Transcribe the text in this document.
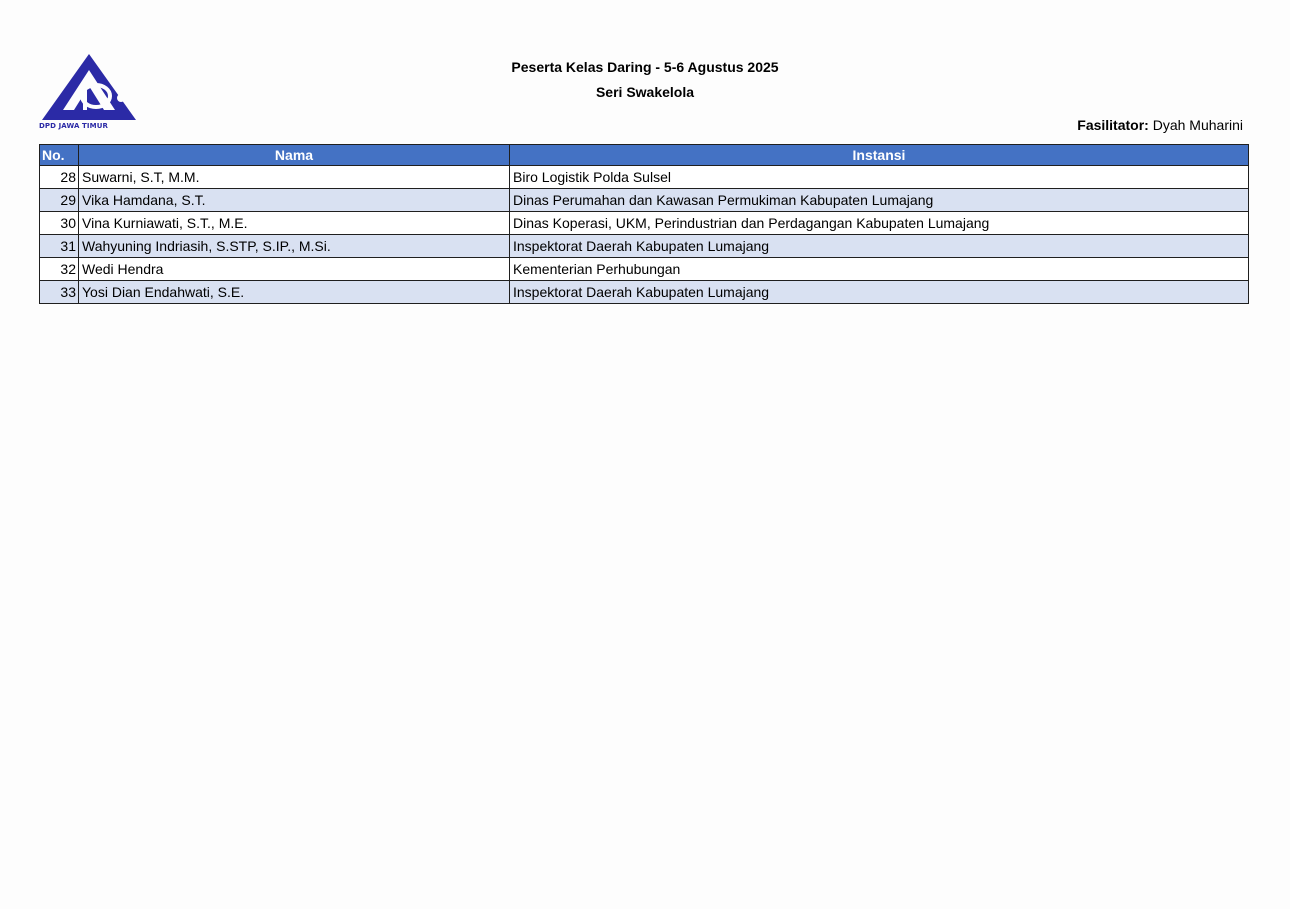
DPD JAWA TIMUR
Peserta Kelas Daring - 5-6 Agustus 2025
Seri Swakelola
Fasilitator: Dyah Muharini
No.	Nama	Instansi
28	Suwarni, S.T, M.M.	Biro Logistik Polda Sulsel
29	Vika Hamdana, S.T.	Dinas Perumahan dan Kawasan Permukiman Kabupaten Lumajang
30	Vina Kurniawati, S.T., M.E.	Dinas Koperasi, UKM, Perindustrian dan Perdagangan Kabupaten Lumajang
31	Wahyuning Indriasih, S.STP, S.IP., M.Si.	Inspektorat Daerah Kabupaten Lumajang
32	Wedi Hendra	Kementerian Perhubungan
33	Yosi Dian Endahwati, S.E.	Inspektorat Daerah Kabupaten Lumajang
